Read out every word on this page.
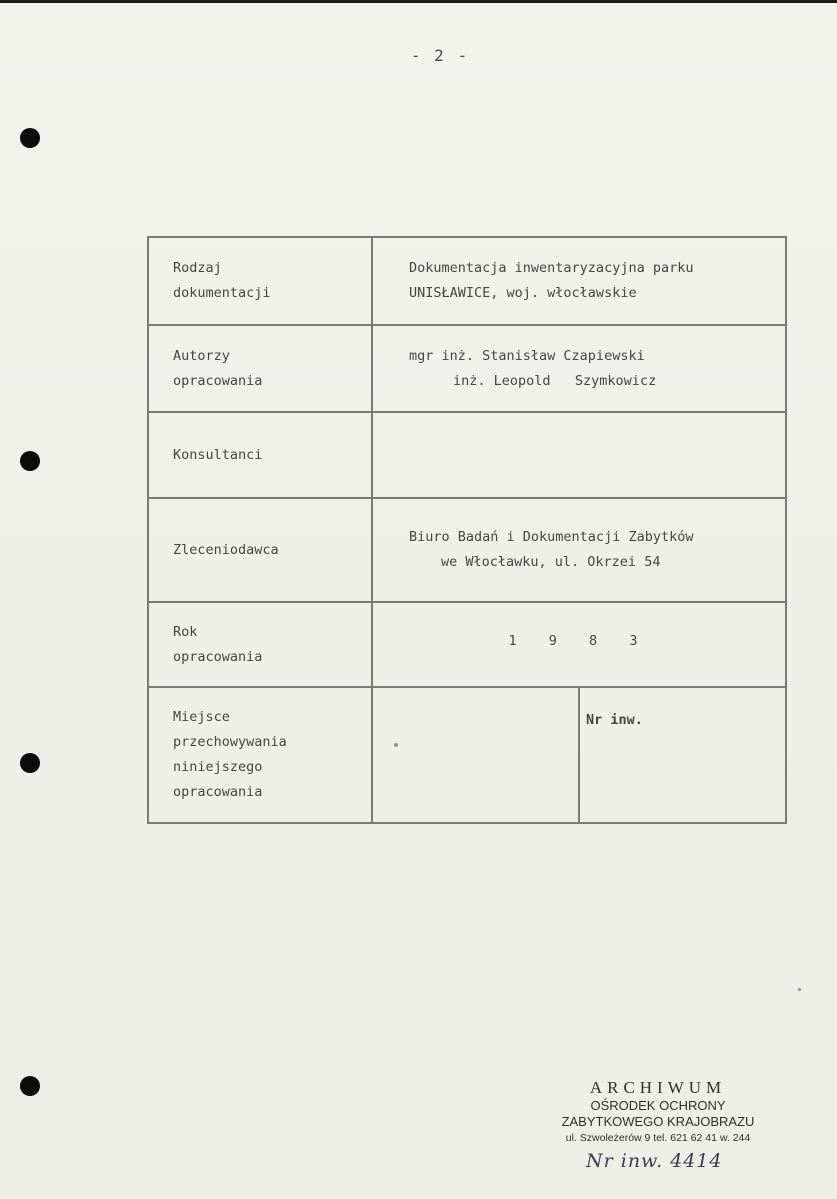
- 2 -
Rodzaj
dokumentacji	Dokumentacja inwentaryzacyjna parku
UNISŁAWICE, woj. włocławskie	

Autorzy
opracowania	mgr inż. Stanisław Czapiewski
inż. Leopold   Szymkowicz	

Konsultanci		

Zleceniodawca	Biuro Badań i Dokumentacji Zabytków
we Włocławku, ul. Okrzei 54	

Rok
opracowania	1 9 8 3	

Miejsce
przechowywania
niniejszego
opracowania		Nr inw.
ARCHIWUM
OŚRODEK OCHRONY
ZABYTKOWEGO KRAJOBRAZU
ul. Szwoleżerów 9 tel. 621 62 41 w. 244
Nr inw. 4414
